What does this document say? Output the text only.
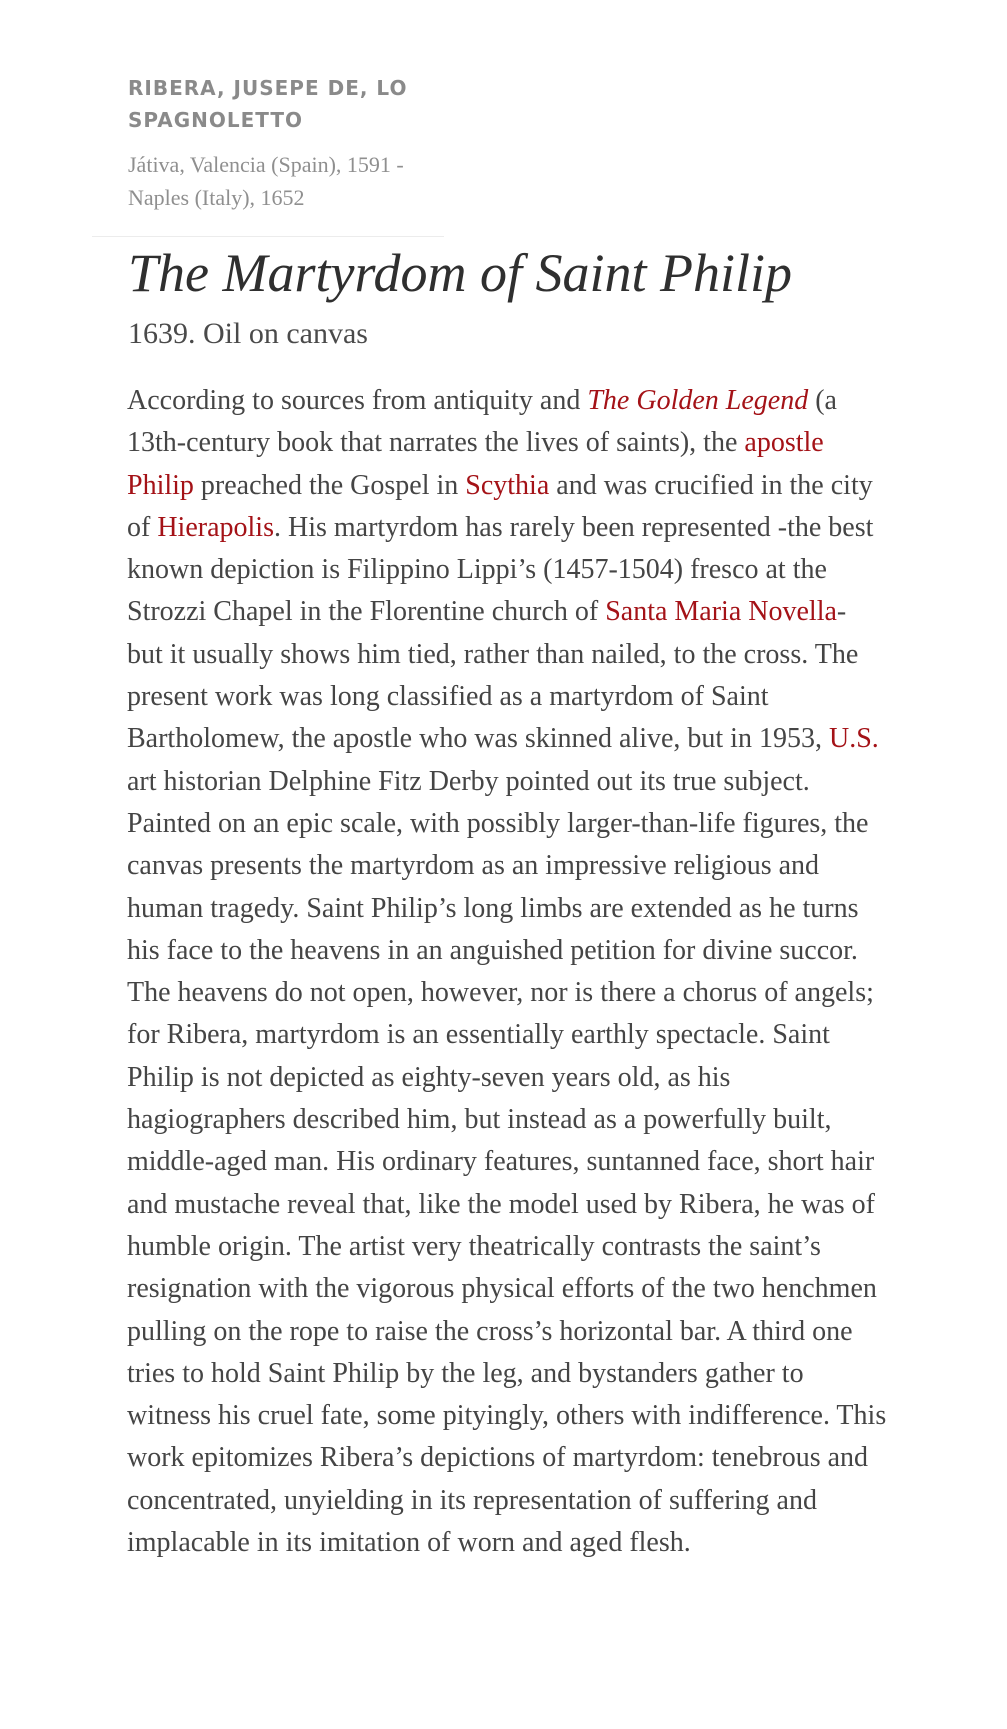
RIBERA, JUSEPE DE, LO SPAGNOLETTO
Játiva, Valencia (Spain), 1591 - Naples (Italy), 1652
The Martyrdom of Saint Philip
1639. Oil on canvas

According to sources from antiquity and The Golden Legend (a 13th-century book that narrates the lives of saints), the apostle Philip preached the Gospel in Scythia and was crucified in the city of Hierapolis. His martyrdom has rarely been represented -the best known depiction is Filippino Lippi’s (1457-1504) fresco at the Strozzi Chapel in the Florentine church of Santa Maria Novella- but it usually shows him tied, rather than nailed, to the cross. The present work was long classified as a martyrdom of Saint Bartholomew, the apostle who was skinned alive, but in 1953, U.S. art historian Delphine Fitz Derby pointed out its true subject. Painted on an epic scale, with possibly larger-than-life figures, the canvas presents the martyrdom as an impressive religious and human tragedy. Saint Philip’s long limbs are extended as he turns his face to the heavens in an anguished petition for divine succor. The heavens do not open, however, nor is there a chorus of angels; for Ribera, martyrdom is an essentially earthly spectacle. Saint Philip is not depicted as eighty-seven years old, as his hagiographers described him, but instead as a powerfully built, middle-aged man. His ordinary features, suntanned face, short hair and mustache reveal that, like the model used by Ribera, he was of humble origin. The artist very theatrically contrasts the saint’s resignation with the vigorous physical efforts of the two henchmen pulling on the rope to raise the cross’s horizontal bar. A third one tries to hold Saint Philip by the leg, and bystanders gather to witness his cruel fate, some pityingly, others with indifference. This work epitomizes Ribera’s depictions of martyrdom: tenebrous and concentrated, unyielding in its representation of suffering and implacable in its imitation of worn and aged flesh.
